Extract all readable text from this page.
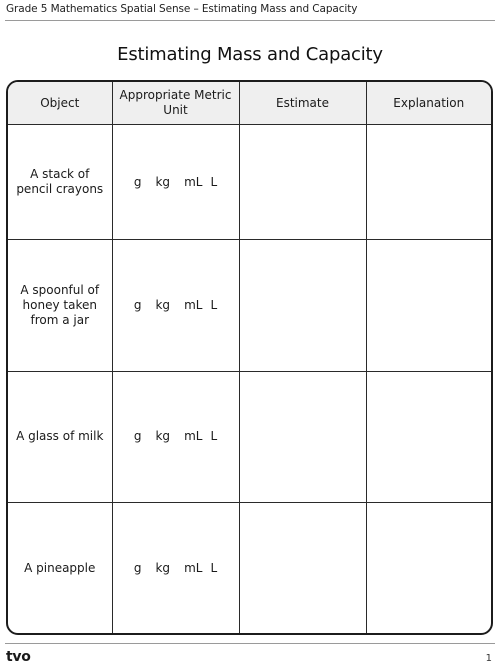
Grade 5 Mathematics Spatial Sense – Estimating Mass and Capacity
Estimating Mass and Capacity
Object	Appropriate Metric Unit	Estimate	Explanation
A stack of pencil crayons	g kg mL L		

A spoonful of honey taken from a jar	g kg mL L		

A glass of milk	g kg mL L		

A pineapple	g kg mL L		

tvo	1
